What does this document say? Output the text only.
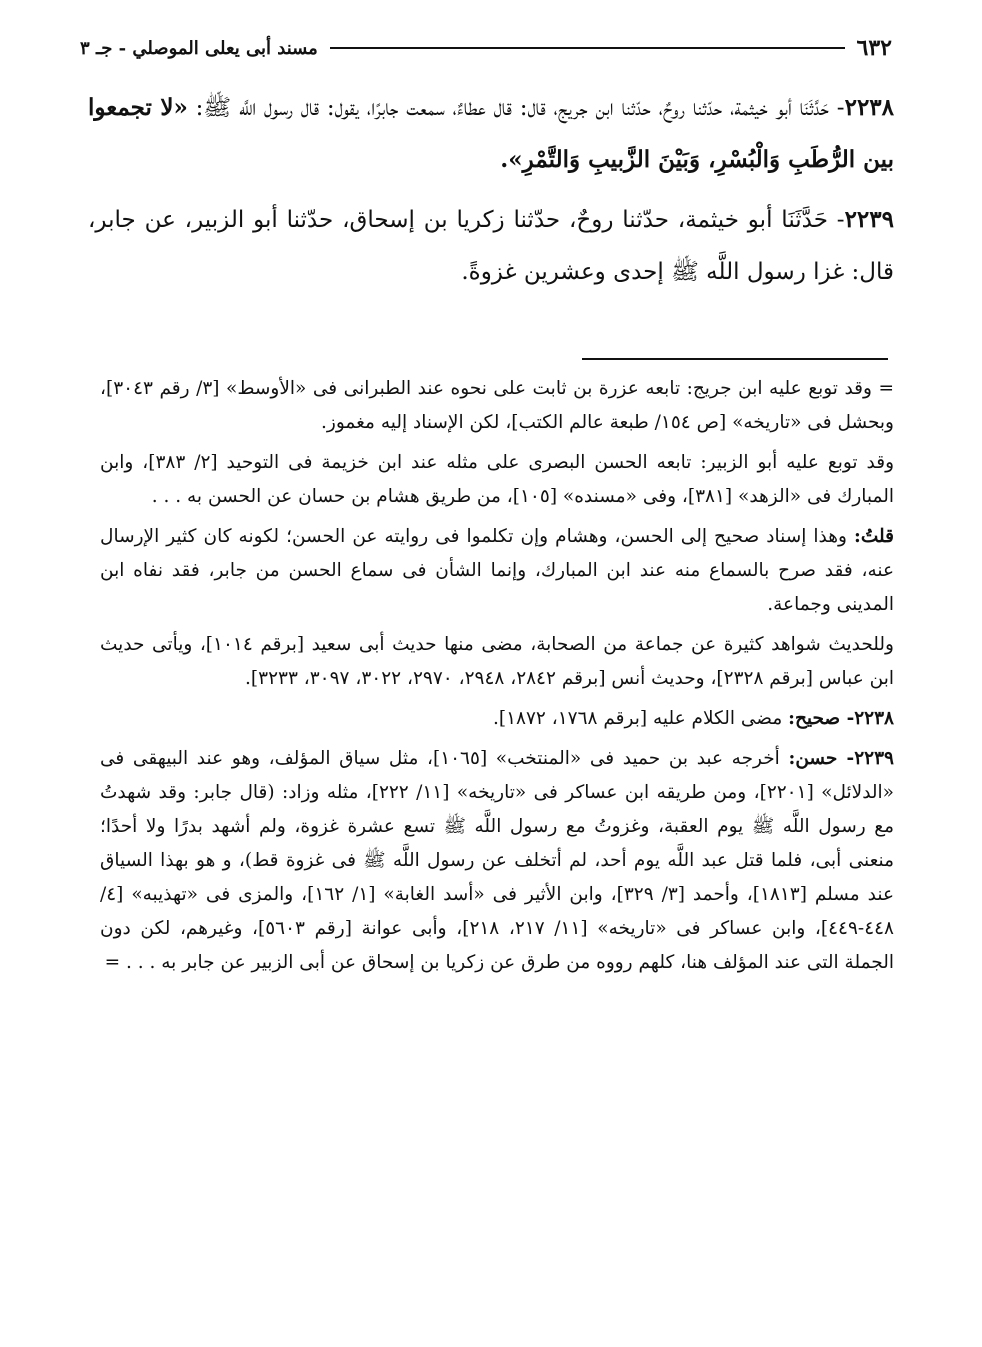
٦٣٢
مسند أبى يعلى الموصلي - جـ ٣

٢٢٣٨- حَدَّثَنَا أبو خيثمة، حدّثنا روحٌ، حدّثنا ابن جريج، قال: قال عطاءٌ، سمعت جابرًا، يقول: قال رسول اللَّه ﷺ: «لا تجمعوا بين الرُّطَبِ وَالْبُسْرِ، وَبَيْنَ الزَّبيبِ وَالتَّمْرِ».

٢٢٣٩- حَدَّثَنَا أبو خيثمة، حدّثنا روحٌ، حدّثنا زكريا بن إسحاق، حدّثنا أبو الزبير، عن جابر، قال: غزا رسول اللَّه ﷺ إحدى وعشرين غزوةً.

= وقد توبع عليه ابن جريج: تابعه عزرة بن ثابت على نحوه عند الطبرانى فى «الأوسط» [٣/ رقم ٣٠٤٣]، وبحشل فى «تاريخه» [ص ١٥٤/ طبعة عالم الكتب]، لكن الإسناد إليه مغموز.

وقد توبع عليه أبو الزبير: تابعه الحسن البصرى على مثله عند ابن خزيمة فى التوحيد [٢/ ٣٨٣]، وابن المبارك فى «الزهد» [٣٨١]، وفى «مسنده» [١٠٥]، من طريق هشام بن حسان عن الحسن به . . .

قلتُ: وهذا إسناد صحيح إلى الحسن، وهشام وإن تكلموا فى روايته عن الحسن؛ لكونه كان كثير الإرسال عنه، فقد صرح بالسماع منه عند ابن المبارك، وإنما الشأن فى سماع الحسن من جابر، فقد نفاه ابن المدينى وجماعة.

وللحديث شواهد كثيرة عن جماعة من الصحابة، مضى منها حديث أبى سعيد [برقم ١٠١٤]، ويأتى حديث ابن عباس [برقم ٢٣٢٨]، وحديث أنس [برقم ٢٨٤٢، ٢٩٤٨، ٢٩٧٠، ٣٠٢٢، ٣٠٩٧، ٣٢٣٣].

٢٢٣٨- صحيح: مضى الكلام عليه [برقم ١٧٦٨، ١٨٧٢].

٢٢٣٩- حسن: أخرجه عبد بن حميد فى «المنتخب» [١٠٦٥]، مثل سياق المؤلف، وهو عند البيهقى فى «الدلائل» [٢٢٠١]، ومن طريقه ابن عساكر فى «تاريخه» [١١/ ٢٢٢]، مثله وزاد: (قال جابر: وقد شهدتُ مع رسول اللَّه ﷺ يوم العقبة، وغزوتُ مع رسول اللَّه ﷺ تسع عشرة غزوة، ولم أشهد بدرًا ولا أحدًا؛ منعنى أبى، فلما قتل عبد اللَّه يوم أحد، لم أتخلف عن رسول اللَّه ﷺ فى غزوة قط)، و هو بهذا السياق عند مسلم [١٨١٣]، وأحمد [٣/ ٣٢٩]، وابن الأثير فى «أسد الغابة» [١/ ١٦٢]، والمزى فى «تهذيبه» [٤/ ٤٤٨-٤٤٩]، وابن عساكر فى «تاريخه» [١١/ ٢١٧، ٢١٨]، وأبى عوانة [رقم ٥٦٠٣]، وغيرهم، لكن دون الجملة التى عند المؤلف هنا، كلهم رووه من طرق عن زكريا بن إسحاق عن أبى الزبير عن جابر به . . . =
